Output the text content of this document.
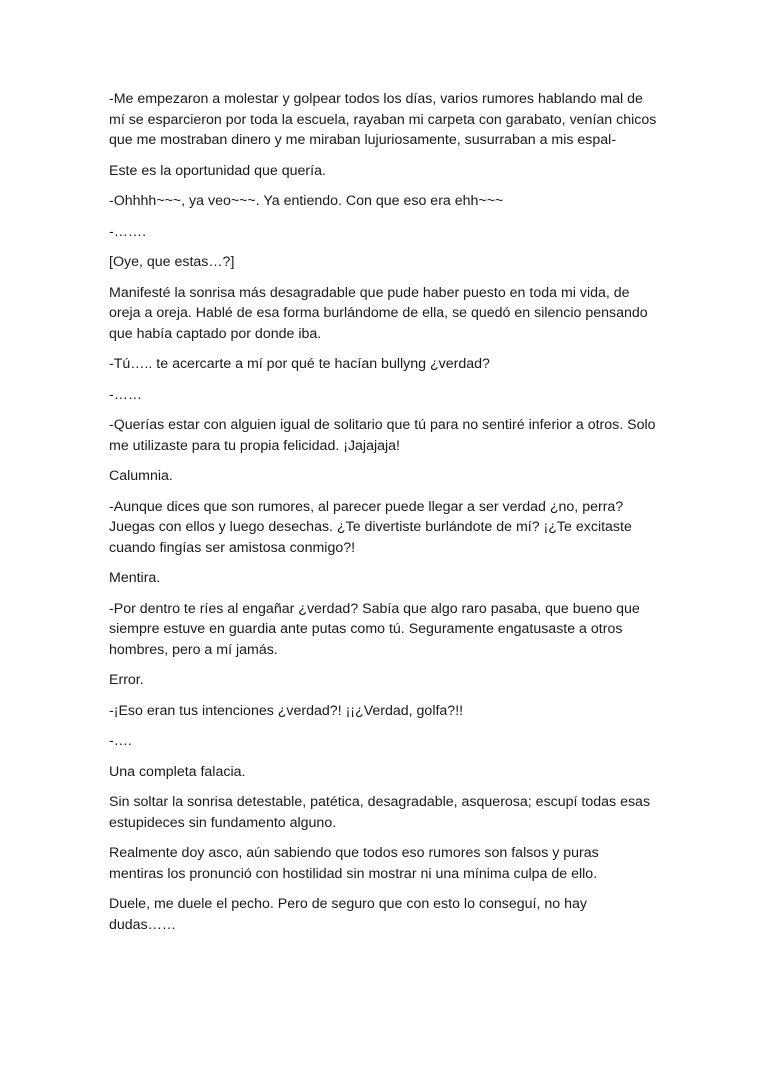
-Me empezaron a molestar y golpear todos los días, varios rumores hablando mal de mí se esparcieron por toda la escuela, rayaban mi carpeta con garabato, venían chicos que me mostraban dinero y me miraban lujuriosamente, susurraban a mis espal-

Este es la oportunidad que quería.

-Ohhhh~~~, ya veo~~~. Ya entiendo. Con que eso era ehh~~~

-…….

[Oye, que estas…?]

Manifesté la sonrisa más desagradable que pude haber puesto en toda mi vida, de oreja a oreja. Hablé de esa forma burlándome de ella, se quedó en silencio pensando que había captado por donde iba.

-Tú….. te acercarte a mí por qué te hacían bullyng ¿verdad?

-……

-Querías estar con alguien igual de solitario que tú para no sentiré inferior a otros. Solo me utilizaste para tu propia felicidad. ¡Jajajaja!

Calumnia.

-Aunque dices que son rumores, al parecer puede llegar a ser verdad ¿no, perra? Juegas con ellos y luego desechas. ¿Te divertiste burlándote de mí? ¡¿Te excitaste cuando fingías ser amistosa conmigo?!

Mentira.

-Por dentro te ríes al engañar ¿verdad? Sabía que algo raro pasaba, que bueno que siempre estuve en guardia ante putas como tú. Seguramente engatusaste a otros hombres, pero a mí jamás.

Error.

-¡Eso eran tus intenciones ¿verdad?! ¡¡¿Verdad, golfa?!!

-….

Una completa falacia.

Sin soltar la sonrisa detestable, patética, desagradable, asquerosa; escupí todas esas estupideces sin fundamento alguno.

Realmente doy asco, aún sabiendo que todos eso rumores son falsos y puras mentiras los pronunció con hostilidad sin mostrar ni una mínima culpa de ello.

Duele, me duele el pecho. Pero de seguro que con esto lo conseguí, no hay dudas……
